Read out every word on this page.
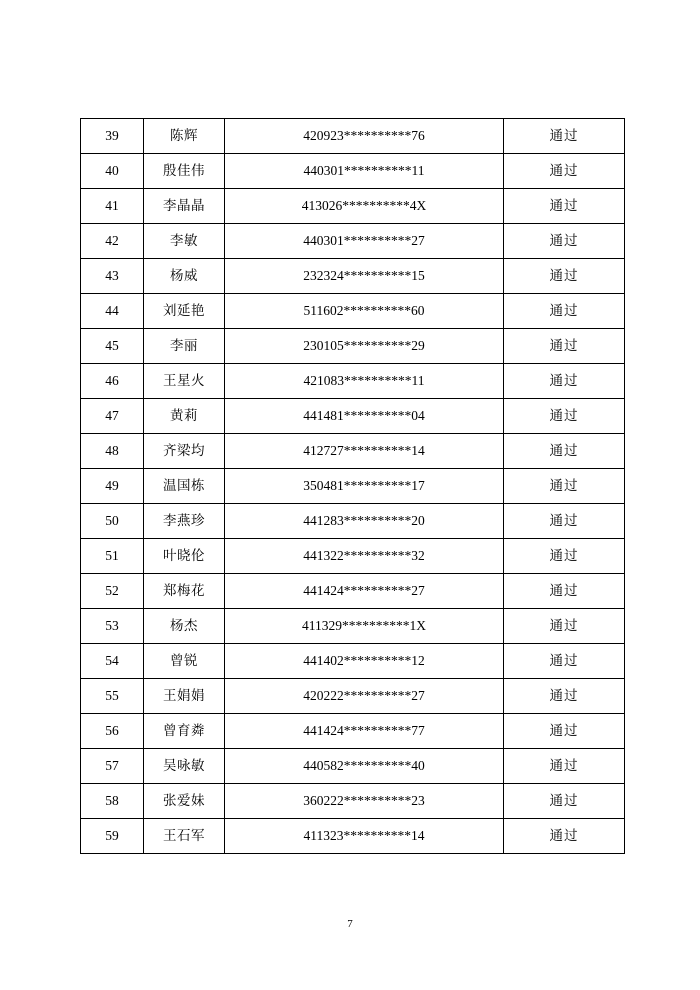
39	陈辉	420923**********76	通过
40	殷佳伟	440301**********11	通过
41	李晶晶	413026**********4X	通过
42	李敏	440301**********27	通过
43	杨威	232324**********15	通过
44	刘延艳	511602**********60	通过
45	李丽	230105**********29	通过
46	王星火	421083**********11	通过
47	黄莉	441481**********04	通过
48	齐梁均	412727**********14	通过
49	温国栋	350481**********17	通过
50	李燕珍	441283**********20	通过
51	叶晓伦	441322**********32	通过
52	郑梅花	441424**********27	通过
53	杨杰	411329**********1X	通过
54	曾锐	441402**********12	通过
55	王娟娟	420222**********27	通过
56	曾育粦	441424**********77	通过
57	吴咏敏	440582**********40	通过
58	张爱妹	360222**********23	通过
59	王石军	411323**********14	通过
7
